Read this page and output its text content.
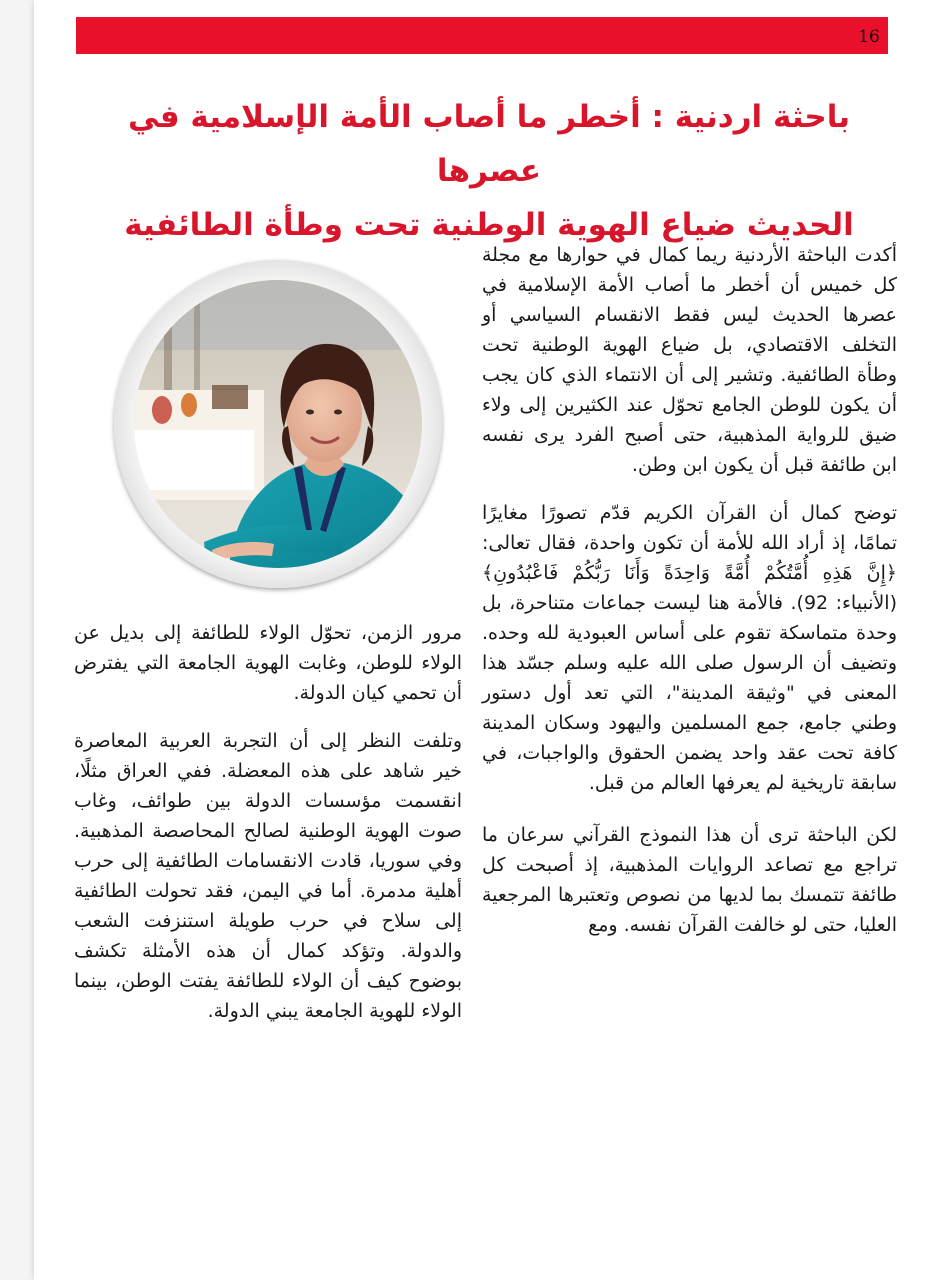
16
باحثة اردنية : أخطر ما أصاب الأمة الإسلامية في عصرها
الحديث ضياع الهوية الوطنية تحت وطأة الطائفية

أكدت الباحثة الأردنية ريما كمال في حوارها مع مجلة كل خميس أن أخطر ما أصاب الأمة الإسلامية في عصرها الحديث ليس فقط الانقسام السياسي أو التخلف الاقتصادي، بل ضياع الهوية الوطنية تحت وطأة الطائفية. وتشير إلى أن الانتماء الذي كان يجب أن يكون للوطن الجامع تحوّل عند الكثيرين إلى ولاء ضيق للرواية المذهبية، حتى أصبح الفرد يرى نفسه ابن طائفة قبل أن يكون ابن وطن.

توضح كمال أن القرآن الكريم قدّم تصورًا مغايرًا تمامًا، إذ أراد الله للأمة أن تكون واحدة، فقال تعالى: ﴿إِنَّ هَذِهِ أُمَّتُكُمْ أُمَّةً وَاحِدَةً وَأَنَا رَبُّكُمْ فَاعْبُدُونِ﴾ (الأنبياء: 92). فالأمة هنا ليست جماعات متناحرة، بل وحدة متماسكة تقوم على أساس العبودية لله وحده. وتضيف أن الرسول صلى الله عليه وسلم جسّد هذا المعنى في "وثيقة المدينة"، التي تعد أول دستور وطني جامع، جمع المسلمين واليهود وسكان المدينة كافة تحت عقد واحد يضمن الحقوق والواجبات، في سابقة تاريخية لم يعرفها العالم من قبل.

لكن الباحثة ترى أن هذا النموذج القرآني سرعان ما تراجع مع تصاعد الروايات المذهبية، إذ أصبحت كل طائفة تتمسك بما لديها من نصوص وتعتبرها المرجعية العليا، حتى لو خالفت القرآن نفسه. ومع

مرور الزمن، تحوّل الولاء للطائفة إلى بديل عن الولاء للوطن، وغابت الهوية الجامعة التي يفترض أن تحمي كيان الدولة.

وتلفت النظر إلى أن التجربة العربية المعاصرة خير شاهد على هذه المعضلة. ففي العراق مثلًا، انقسمت مؤسسات الدولة بين طوائف، وغاب صوت الهوية الوطنية لصالح المحاصصة المذهبية. وفي سوريا، قادت الانقسامات الطائفية إلى حرب أهلية مدمرة. أما في اليمن، فقد تحولت الطائفية إلى سلاح في حرب طويلة استنزفت الشعب والدولة. وتؤكد كمال أن هذه الأمثلة تكشف بوضوح كيف أن الولاء للطائفة يفتت الوطن، بينما الولاء للهوية الجامعة يبني الدولة.
